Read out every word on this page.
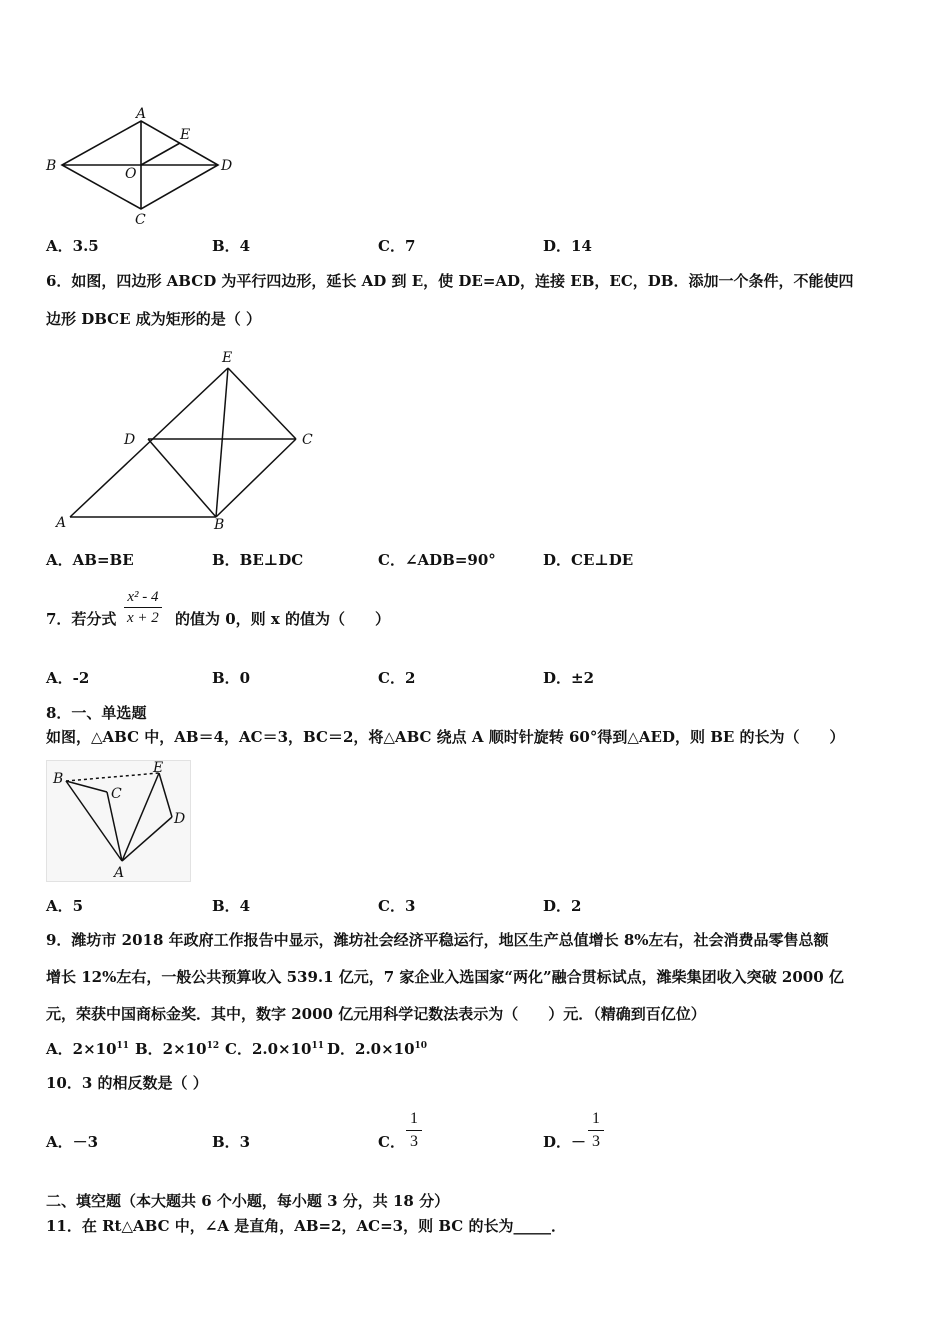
A
B
C
D
E
O
A．3.5	B．4	C．7	D．14
6．如图，四边形 ABCD 为平行四边形，延长 AD 到 E，使 DE=AD，连接 EB，EC，DB．添加一个条件，不能使四
边形 DBCE 成为矩形的是（ ）
E
D	C
A	B
A．AB=BE	B．BE⊥DC	C．∠ADB=90°	D．CE⊥DE
7．若分式 $\frac{\text{x² - 4}}{x + 2}$ 的值为 0，则 x 的值为（　　）
A．-2	B．0	C．2	D．±2
8．一、单选题
如图，△ABC 中，AB＝4，AC＝3，BC＝2，将△ABC 绕点 A 顺时针旋转 60°得到△AED，则 BE 的长为（　　）
B
C
E
D
A
A．5	B．4	C．3	D．2
9．潍坊市 2018 年政府工作报告中显示，潍坊社会经济平稳运行，地区生产总值增长 8%左右，社会消费品零售总额
增长 12%左右，一般公共预算收入 539.1 亿元，7 家企业入选国家“两化”融合贯标试点，潍柴集团收入突破 2000 亿
元，荣获中国商标金奖．其中，数字 2000 亿元用科学记数法表示为（　　）元．（精确到百亿位）
A．$2\times 10^{11}$ B．$2\times 10^{12}$ C．$2.0\times 10^{11}$ D．$2.0\times 10^{10}$
10．3 的相反数是（ ）
A．－3	B．3	C． $\frac{1}{3}$	D．－ $\frac{1}{3}$
二、填空题（本大题共 6 个小题，每小题 3 分，共 18 分）
11．在 Rt△ABC 中，∠A 是直角，AB=2，AC=3，则 BC 的长为_____．
